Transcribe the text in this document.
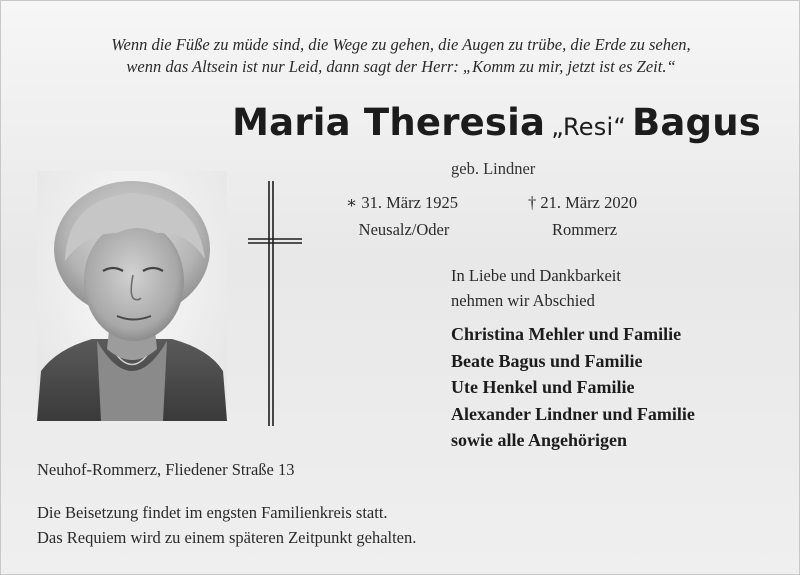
Wenn die Füße zu müde sind, die Wege zu gehen, die Augen zu trübe, die Erde zu sehen,
wenn das Altsein ist nur Leid, dann sagt der Herr: „Komm zu mir, jetzt ist es Zeit.“
Maria Theresia „Resi“ Bagus
geb. Lindner
∗ 31. März 1925
Neusalz/Oder
† 21. März 2020
Rommerz
In Liebe und Dankbarkeit
nehmen wir Abschied
Christina Mehler und Familie
Beate Bagus und Familie
Ute Henkel und Familie
Alexander Lindner und Familie
sowie alle Angehörigen
Neuhof-Rommerz, Fliedener Straße 13
Die Beisetzung findet im engsten Familienkreis statt.
Das Requiem wird zu einem späteren Zeitpunkt gehalten.
